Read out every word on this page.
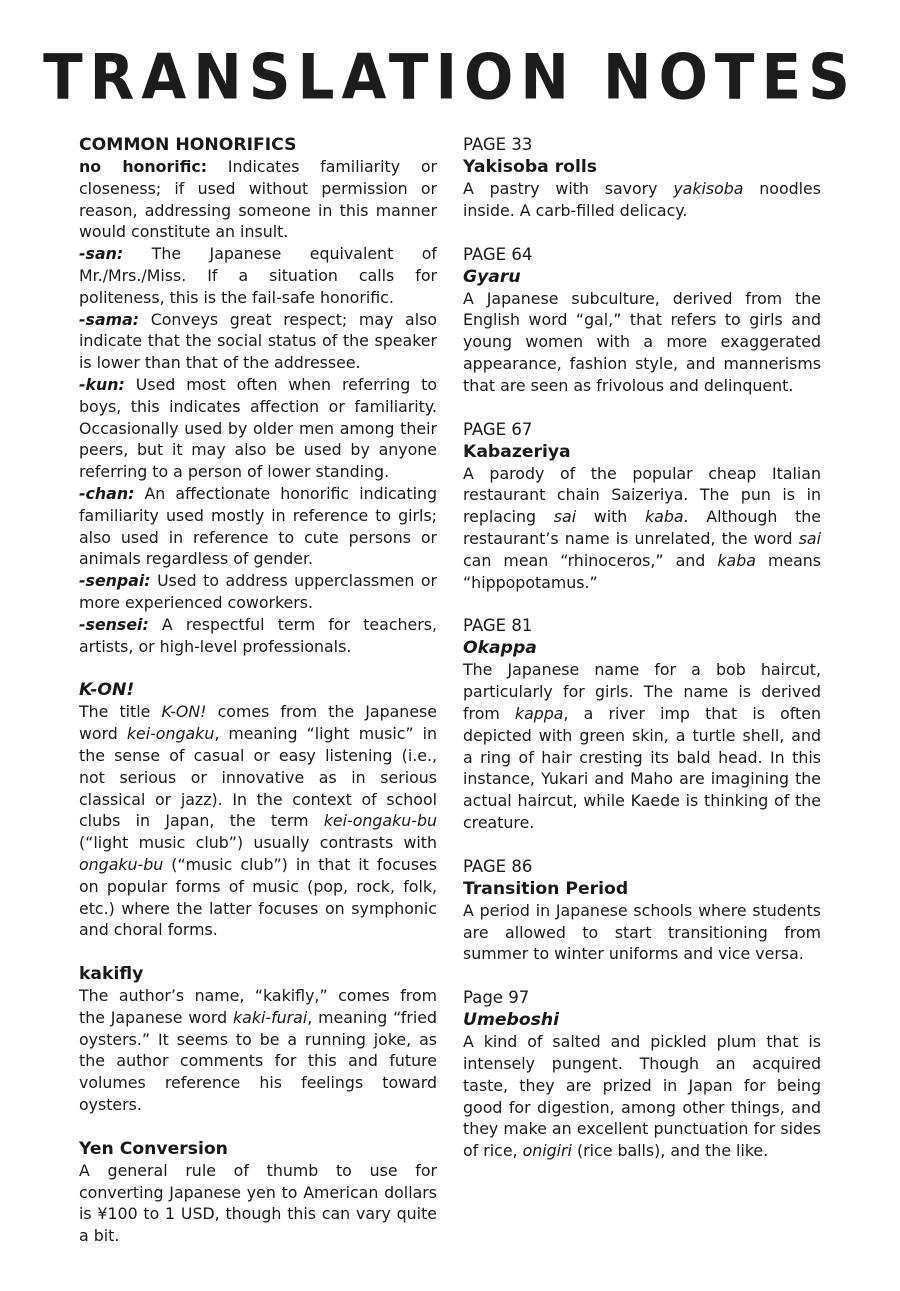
TRANSLATION NOTES
COMMON HONORIFICS

no honorific: Indicates familiarity or closeness; if used without permission or reason, addressing someone in this manner would constitute an insult.

-san: The Japanese equivalent of Mr./Mrs./Miss. If a situation calls for politeness, this is the fail-safe honorific.

-sama: Conveys great respect; may also indicate that the social status of the speaker is lower than that of the addressee.

-kun: Used most often when referring to boys, this indicates affection or familiarity. Occasionally used by older men among their peers, but it may also be used by anyone referring to a person of lower standing.

-chan: An affectionate honorific indicating familiarity used mostly in reference to girls; also used in reference to cute persons or animals regardless of gender.

-senpai: Used to address upperclassmen or more experienced coworkers.

-sensei: A respectful term for teachers, artists, or high-level professionals.

K-ON!

The title K-ON! comes from the Japanese word kei-ongaku, meaning “light music” in the sense of casual or easy listening (i.e., not serious or innovative as in serious classical or jazz). In the context of school clubs in Japan, the term kei-ongaku-bu (“light music club”) usually contrasts with ongaku-bu (“music club”) in that it focuses on popular forms of music (pop, rock, folk, etc.) where the latter focuses on symphonic and choral forms.

kakifly

The author’s name, “kakifly,” comes from the Japanese word kaki-furai, meaning “fried oysters.” It seems to be a running joke, as the author comments for this and future volumes reference his feelings toward oysters.

Yen Conversion

A general rule of thumb to use for converting Japanese yen to American dollars is ¥100 to 1 USD, though this can vary quite a bit.

PAGE 33
Yakisoba rolls

A pastry with savory yakisoba noodles inside. A carb-filled delicacy.

PAGE 64
Gyaru

A Japanese subculture, derived from the English word “gal,” that refers to girls and young women with a more exaggerated appearance, fashion style, and mannerisms that are seen as frivolous and delinquent.

PAGE 67
Kabazeriya

A parody of the popular cheap Italian restaurant chain Saizeriya. The pun is in replacing sai with kaba. Although the restaurant’s name is unrelated, the word sai can mean “rhinoceros,” and kaba means “hippopotamus.”

PAGE 81
Okappa

The Japanese name for a bob haircut, particularly for girls. The name is derived from kappa, a river imp that is often depicted with green skin, a turtle shell, and a ring of hair cresting its bald head. In this instance, Yukari and Maho are imagining the actual haircut, while Kaede is thinking of the creature.

PAGE 86
Transition Period

A period in Japanese schools where students are allowed to start transitioning from summer to winter uniforms and vice versa.

Page 97
Umeboshi

A kind of salted and pickled plum that is intensely pungent. Though an acquired taste, they are prized in Japan for being good for digestion, among other things, and they make an excellent punctuation for sides of rice, onigiri (rice balls), and the like.
